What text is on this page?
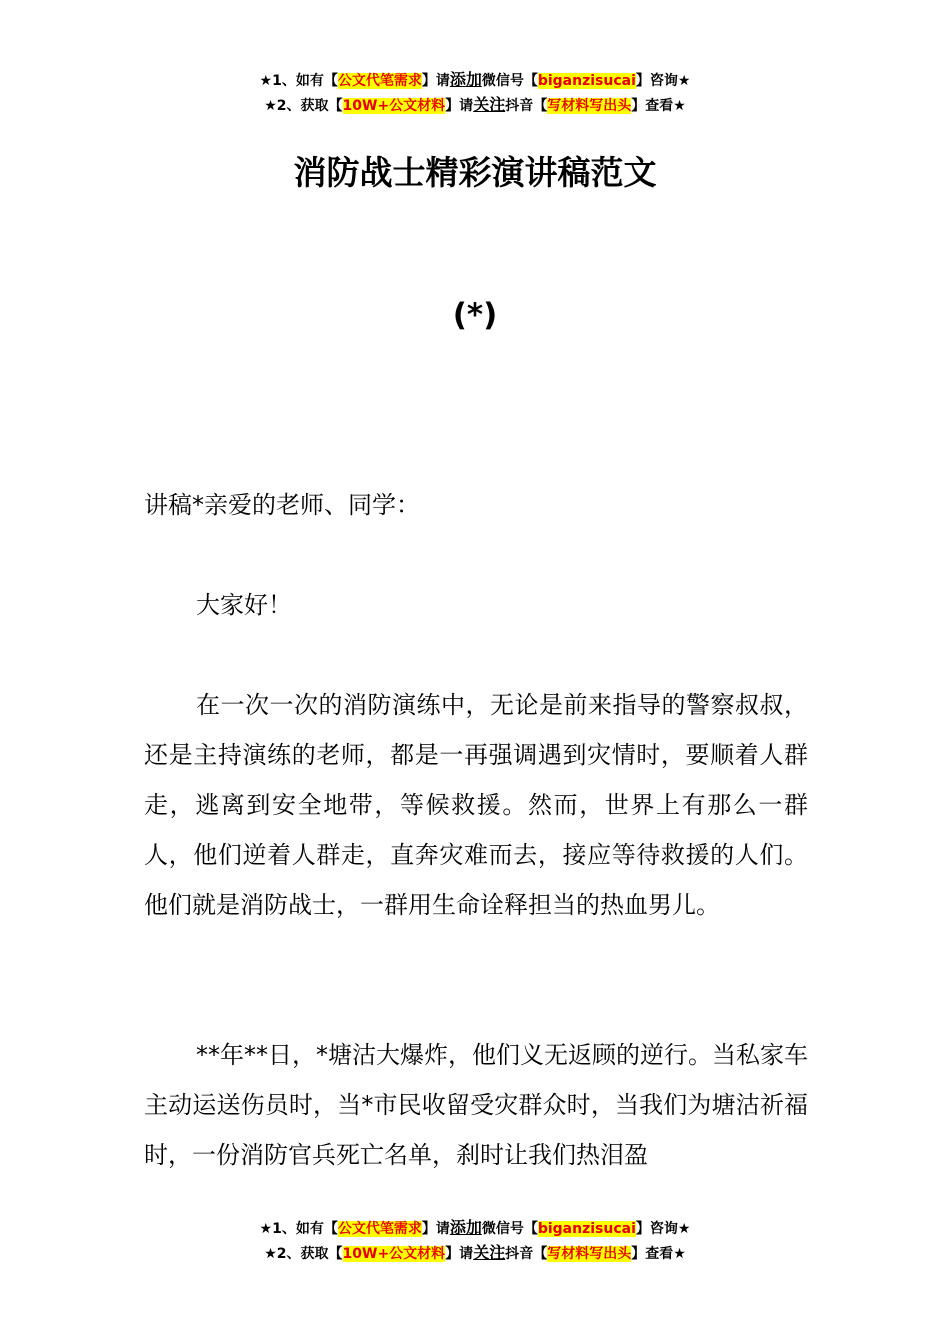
★1、如有【公文代笔需求】请添加微信号【biganzisucai】咨询★
★2、获取【10W+公文材料】请关注抖音【写材料写出头】查看★
消防战士精彩演讲稿范文
(*)

讲稿*亲爱的老师、同学：

大家好！

在一次一次的消防演练中，无论是前来指导的警察叔叔，还是主持演练的老师，都是一再强调遇到灾情时，要顺着人群走，逃离到安全地带，等候救援。然而，世界上有那么一群人，他们逆着人群走，直奔灾难而去，接应等待救援的人们。他们就是消防战士，一群用生命诠释担当的热血男儿。

**年**日，*塘沽大爆炸，他们义无返顾的逆行。当私家车主动运送伤员时，当*市民收留受灾群众时，当我们为塘沽祈福时，一份消防官兵死亡名单，刹时让我们热泪盈

★1、如有【公文代笔需求】请添加微信号【biganzisucai】咨询★
★2、获取【10W+公文材料】请关注抖音【写材料写出头】查看★
